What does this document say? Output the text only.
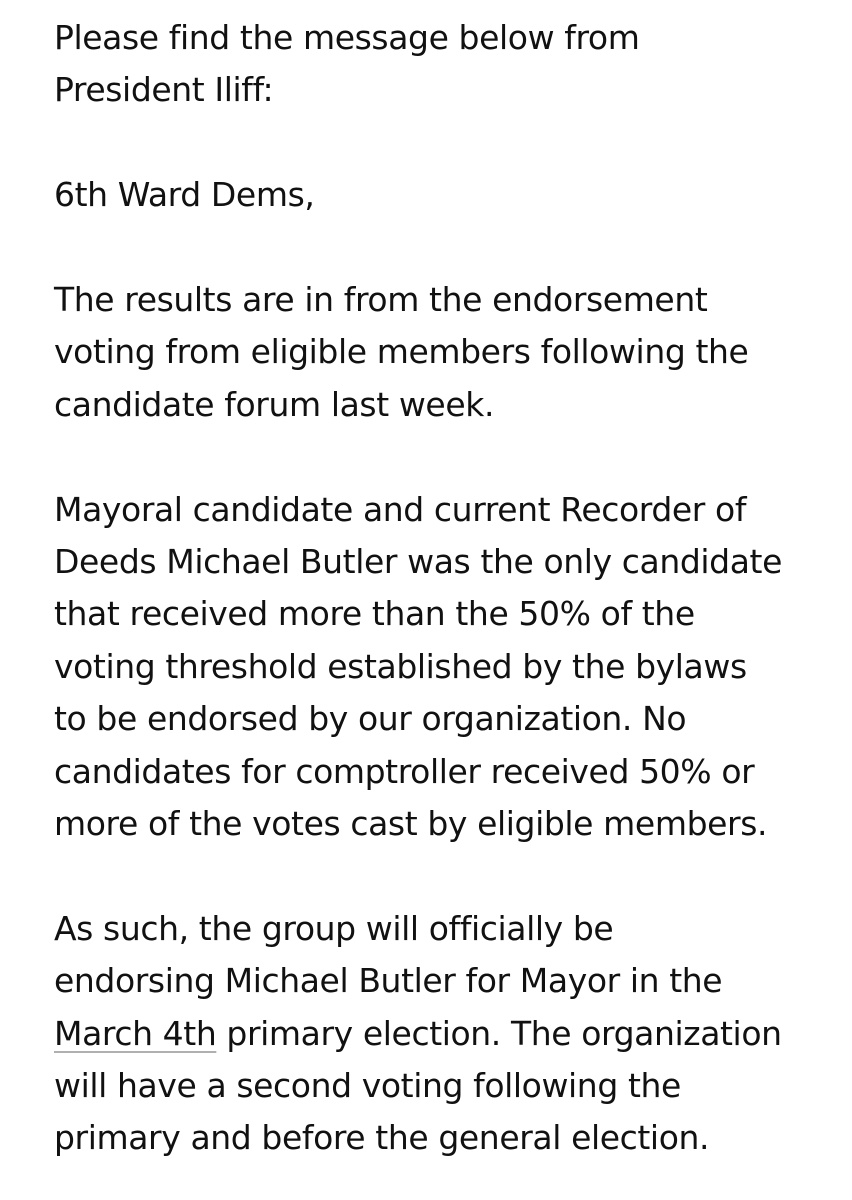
Please find the message below from
President Iliff:
6th Ward Dems,
The results are in from the endorsement
voting from eligible members following the
candidate forum last week.
Mayoral candidate and current Recorder of
Deeds Michael Butler was the only candidate
that received more than the 50% of the
voting threshold established by the bylaws
to be endorsed by our organization. No
candidates for comptroller received 50% or
more of the votes cast by eligible members.
As such, the group will officially be
endorsing Michael Butler for Mayor in the
March 4th primary election. The organization
will have a second voting following the
primary and before the general election.
